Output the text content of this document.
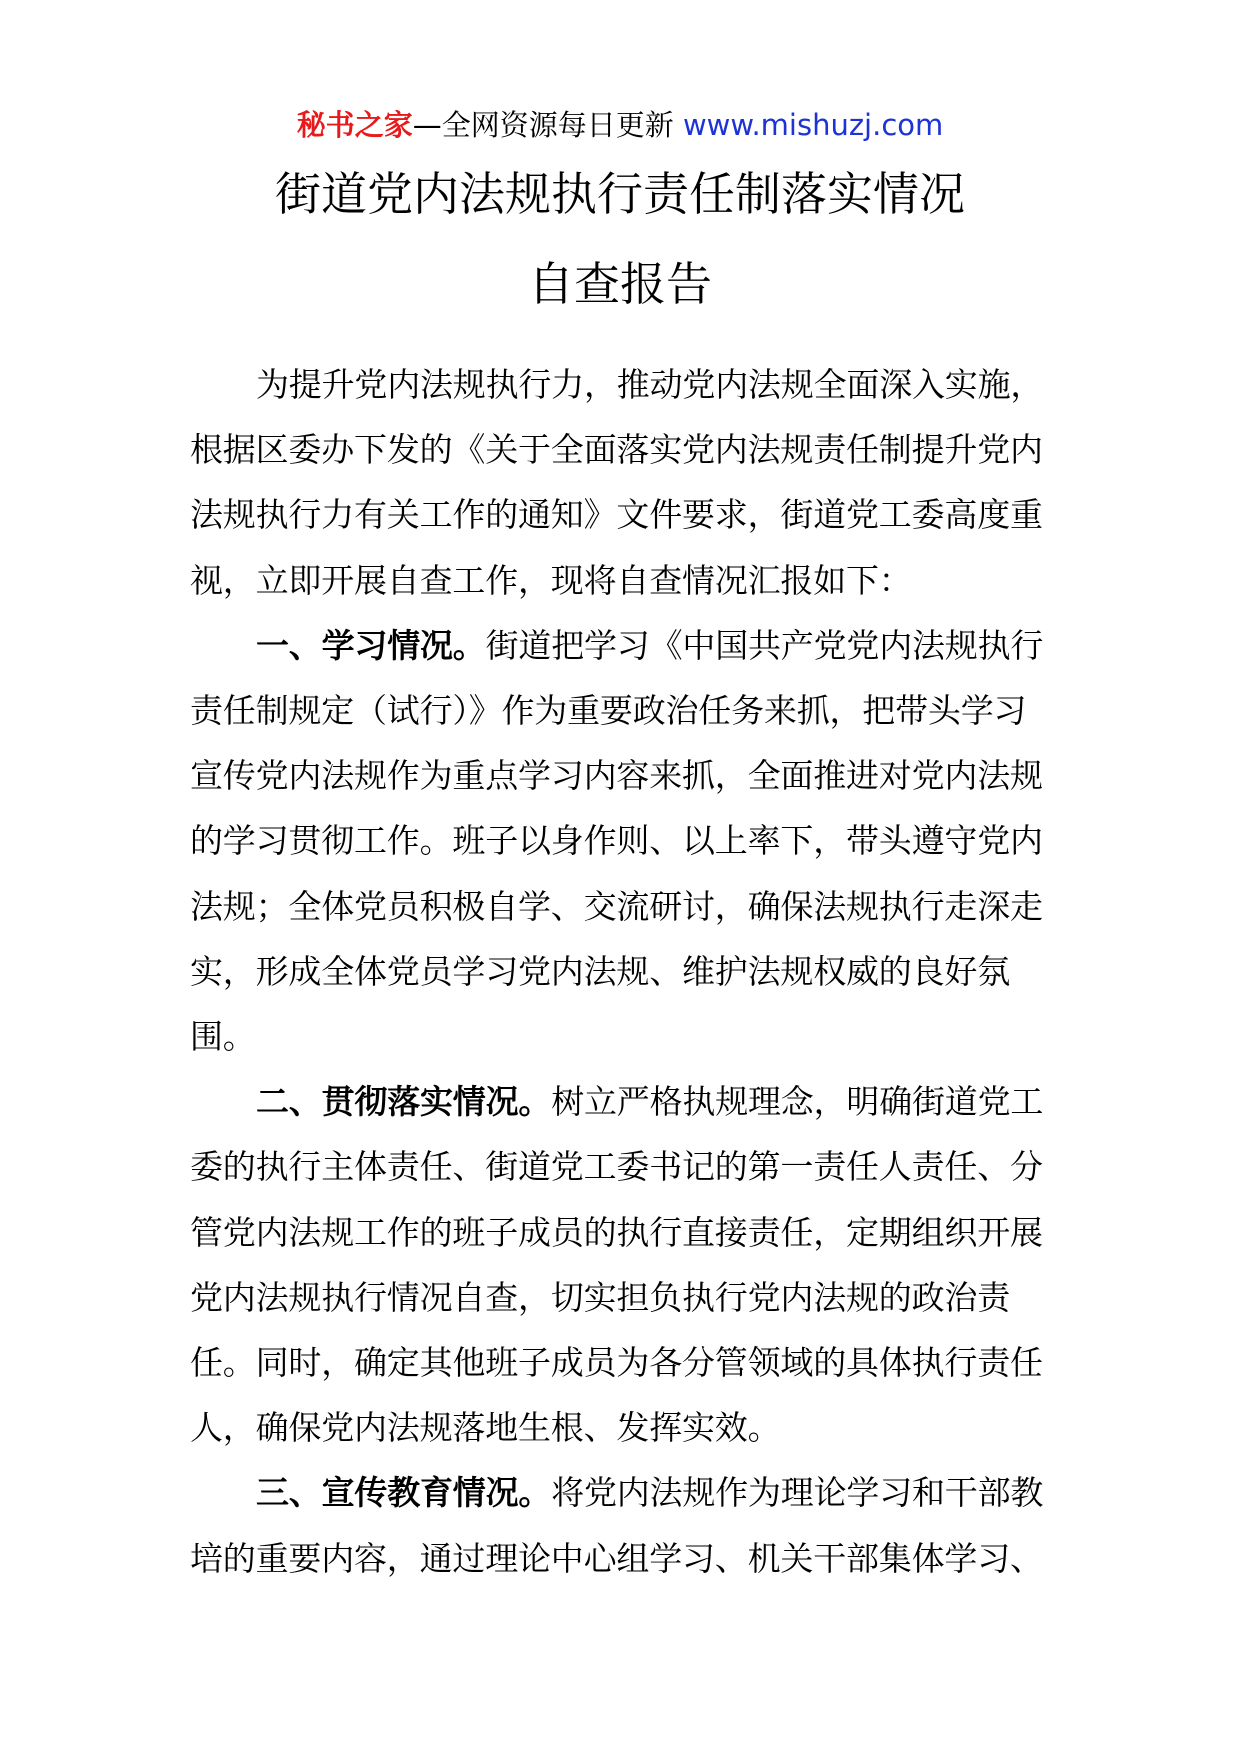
秘书之家—全网资源每日更新 www.mishuzj.com
街道党内法规执行责任制落实情况
自查报告

为提升党内法规执行力，推动党内法规全面深入实施，根据区委办下发的《关于全面落实党内法规责任制提升党内法规执行力有关工作的通知》文件要求，街道党工委高度重视，立即开展自查工作，现将自查情况汇报如下：

一、学习情况。街道把学习《中国共产党党内法规执行责任制规定（试行）》作为重要政治任务来抓，把带头学习宣传党内法规作为重点学习内容来抓，全面推进对党内法规的学习贯彻工作。班子以身作则、以上率下，带头遵守党内法规；全体党员积极自学、交流研讨，确保法规执行走深走实，形成全体党员学习党内法规、维护法规权威的良好氛围。

二、贯彻落实情况。树立严格执规理念，明确街道党工委的执行主体责任、街道党工委书记的第一责任人责任、分管党内法规工作的班子成员的执行直接责任，定期组织开展党内法规执行情况自查，切实担负执行党内法规的政治责任。同时，确定其他班子成员为各分管领域的具体执行责任人，确保党内法规落地生根、发挥实效。

三、宣传教育情况。将党内法规作为理论学习和干部教培的重要内容，通过理论中心组学习、机关干部集体学习、
